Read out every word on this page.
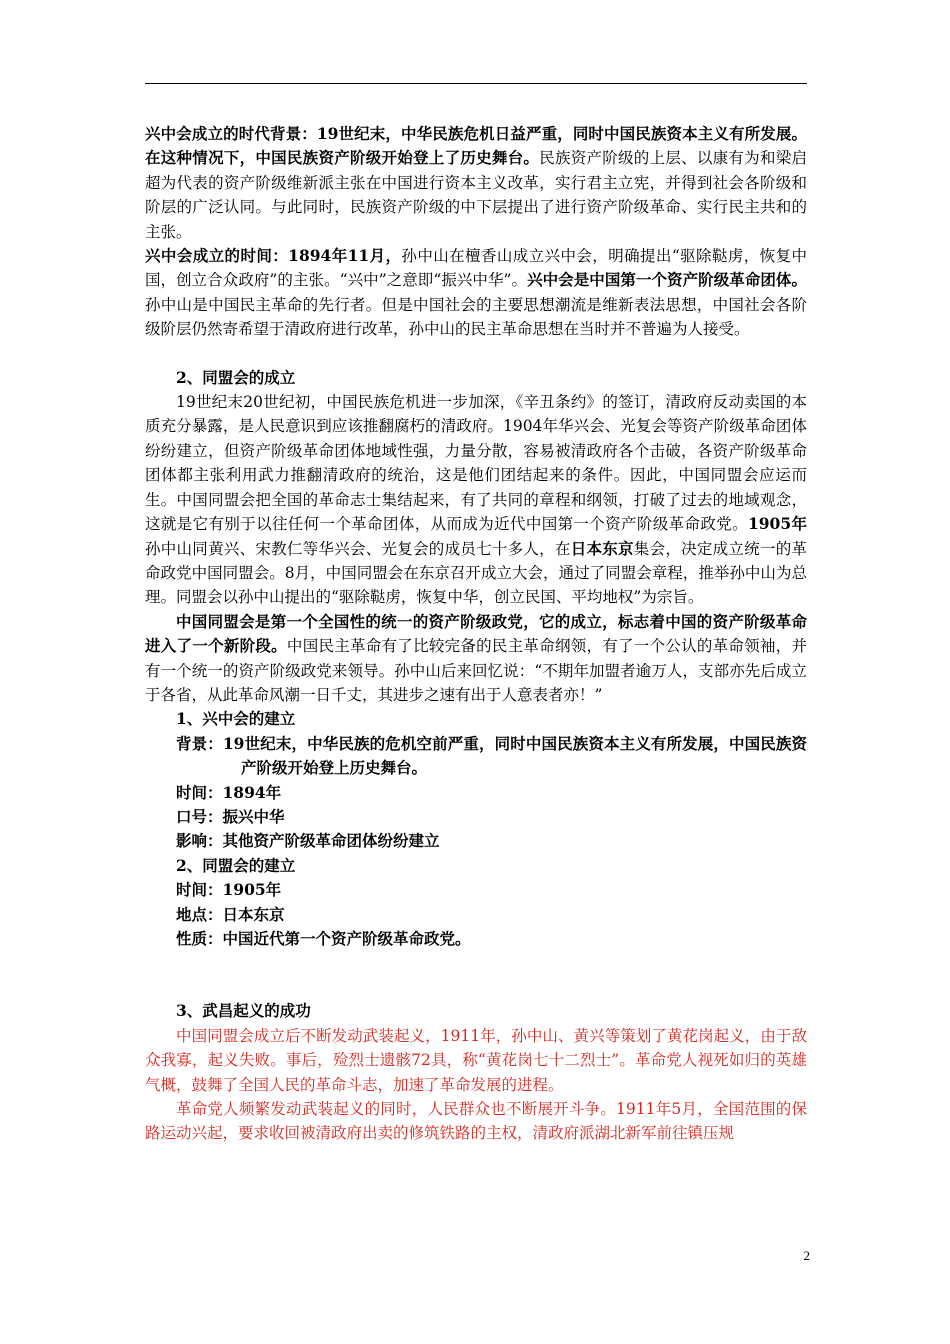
兴中会成立的时代背景：19世纪末，中华民族危机日益严重，同时中国民族资本主义有所发展。在这种情况下，中国民族资产阶级开始登上了历史舞台。民族资产阶级的上层、以康有为和梁启超为代表的资产阶级维新派主张在中国进行资本主义改革，实行君主立宪，并得到社会各阶级和阶层的广泛认同。与此同时，民族资产阶级的中下层提出了进行资产阶级革命、实行民主共和的主张。

兴中会成立的时间：1894年11月，孙中山在檀香山成立兴中会，明确提出“驱除鞑虏，恢复中国，创立合众政府”的主张。“兴中”之意即“振兴中华”。兴中会是中国第一个资产阶级革命团体。孙中山是中国民主革命的先行者。但是中国社会的主要思想潮流是维新表法思想，中国社会各阶级阶层仍然寄希望于清政府进行改革，孙中山的民主革命思想在当时并不普遍为人接受。

2、同盟会的成立

19世纪末20世纪初，中国民族危机进一步加深，《辛丑条约》的签订，清政府反动卖国的本质充分暴露，是人民意识到应该推翻腐朽的清政府。1904年华兴会、光复会等资产阶级革命团体纷纷建立，但资产阶级革命团体地域性强，力量分散，容易被清政府各个击破，各资产阶级革命团体都主张利用武力推翻清政府的统治，这是他们团结起来的条件。因此，中国同盟会应运而生。中国同盟会把全国的革命志士集结起来，有了共同的章程和纲领，打破了过去的地域观念，这就是它有别于以往任何一个革命团体，从而成为近代中国第一个资产阶级革命政党。1905年孙中山同黄兴、宋教仁等华兴会、光复会的成员七十多人，在日本东京集会，决定成立统一的革命政党中国同盟会。8月，中国同盟会在东京召开成立大会，通过了同盟会章程，推举孙中山为总理。同盟会以孙中山提出的“驱除鞑虏，恢复中华，创立民国、平均地权”为宗旨。

中国同盟会是第一个全国性的统一的资产阶级政党，它的成立，标志着中国的资产阶级革命进入了一个新阶段。中国民主革命有了比较完备的民主革命纲领，有了一个公认的革命领袖，并有一个统一的资产阶级政党来领导。孙中山后来回忆说：“不期年加盟者逾万人，支部亦先后成立于各省，从此革命风潮一日千丈，其进步之速有出于人意表者亦！”

1、兴中会的建立

背景：19世纪末，中华民族的危机空前严重，同时中国民族资本主义有所发展，中国民族资产阶级开始登上历史舞台。

时间：1894年

口号：振兴中华

影响：其他资产阶级革命团体纷纷建立

2、同盟会的建立

时间：1905年

地点：日本东京

性质：中国近代第一个资产阶级革命政党。

3、武昌起义的成功

中国同盟会成立后不断发动武装起义，1911年，孙中山、黄兴等策划了黄花岗起义，由于敌众我寡，起义失败。事后，殓烈士遗骸72具，称“黄花岗七十二烈士”。革命党人视死如归的英雄气概，鼓舞了全国人民的革命斗志，加速了革命发展的进程。

革命党人频繁发动武装起义的同时，人民群众也不断展开斗争。1911年5月，全国范围的保路运动兴起，要求收回被清政府出卖的修筑铁路的主权，清政府派湖北新军前往镇压规

2
